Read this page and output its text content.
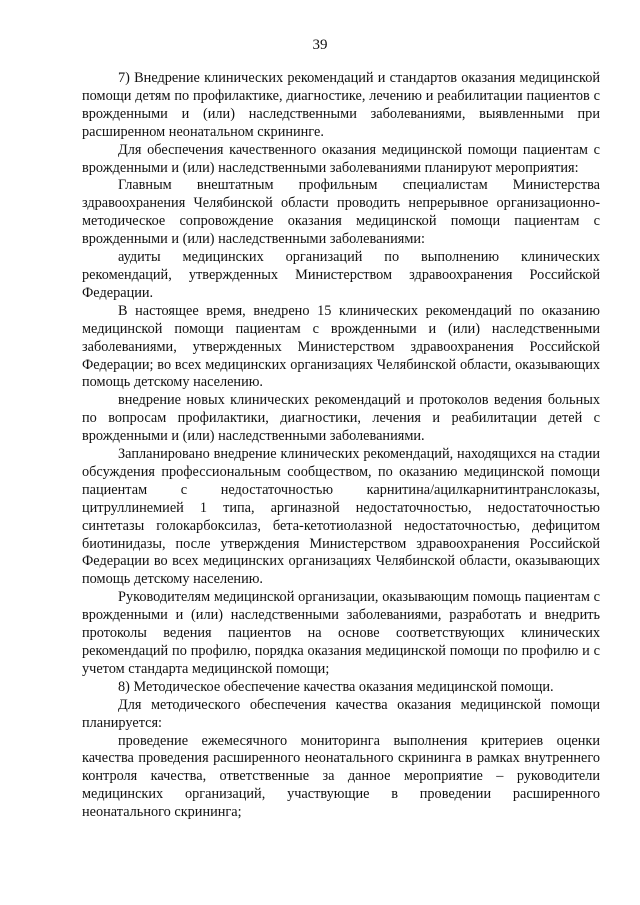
39

7) Внедрение клинических рекомендаций и стандартов оказания медицинской помощи детям по профилактике, диагностике, лечению и реабилитации пациентов с врожденными и (или) наследственными заболеваниями, выявленными при расширенном неонатальном скрининге.

Для обеспечения качественного оказания медицинской помощи пациентам с врожденными и (или) наследственными заболеваниями планируют мероприятия:

Главным внештатным профильным специалистам Министерства здравоохранения Челябинской области проводить непрерывное организационно-методическое сопровождение оказания медицинской помощи пациентам с врожденными и (или) наследственными заболеваниями:

аудиты медицинских организаций по выполнению клинических рекомендаций, утвержденных Министерством здравоохранения Российской Федерации.

В настоящее время, внедрено 15 клинических рекомендаций по оказанию медицинской помощи пациентам с врожденными и (или) наследственными заболеваниями, утвержденных Министерством здравоохранения Российской Федерации; во всех медицинских организациях Челябинской области, оказывающих помощь детскому населению.

внедрение новых клинических рекомендаций и протоколов ведения больных по вопросам профилактики, диагностики, лечения и реабилитации детей с врожденными и (или) наследственными заболеваниями.

Запланировано внедрение клинических рекомендаций, находящихся на стадии обсуждения профессиональным сообществом, по оказанию медицинской помощи пациентам с недостаточностью карнитина/ацилкарнитинтранслоказы, цитруллинемией 1 типа, аргиназной недостаточностью, недостаточностью синтетазы голокарбоксилаз, бета-кетотиолазной недостаточностью, дефицитом биотинидазы, после утверждения Министерством здравоохранения Российской Федерации во всех медицинских организациях Челябинской области, оказывающих помощь детскому населению.

Руководителям медицинской организации, оказывающим помощь пациентам с врожденными и (или) наследственными заболеваниями, разработать и внедрить протоколы ведения пациентов на основе соответствующих клинических рекомендаций по профилю, порядка оказания медицинской помощи по профилю и с учетом стандарта медицинской помощи;

8) Методическое обеспечение качества оказания медицинской помощи.

Для методического обеспечения качества оказания медицинской помощи планируется:

проведение ежемесячного мониторинга выполнения критериев оценки качества проведения расширенного неонатального скрининга в рамках внутреннего контроля качества, ответственные за данное мероприятие – руководители медицинских организаций, участвующие в проведении расширенного неонатального скрининга;
